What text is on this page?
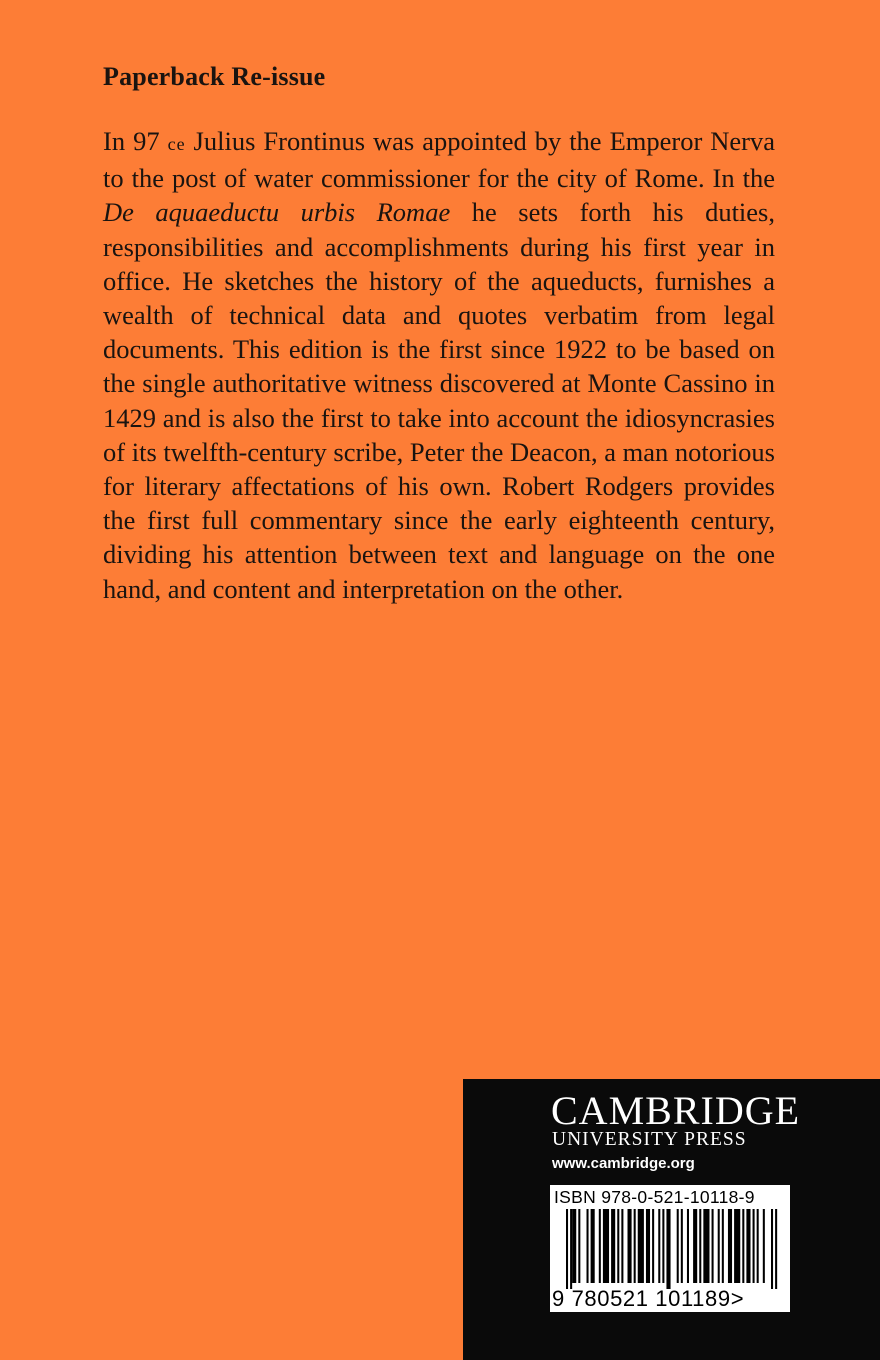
Paperback Re-issue
In 97 ce Julius Frontinus was appointed by the Emperor Nerva to the post of water commissioner for the city of Rome. In the De aquaeductu urbis Romae he sets forth his duties, responsibilities and accomplishments during his first year in office. He sketches the history of the aqueducts, furnishes a wealth of technical data and quotes verbatim from legal documents. This edition is the first since 1922 to be based on the single authoritative witness discovered at Monte Cassino in 1429 and is also the first to take into account the idiosyncrasies of its twelfth-century scribe, Peter the Deacon, a man notorious for literary affectations of his own. Robert Rodgers provides the first full commentary since the early eighteenth century, dividing his attention between text and language on the one hand, and content and interpretation on the other.
CAMBRIDGE
UNIVERSITY PRESS
www.cambridge.org
ISBN 978-0-521-10118-9
9 780521 101189>
